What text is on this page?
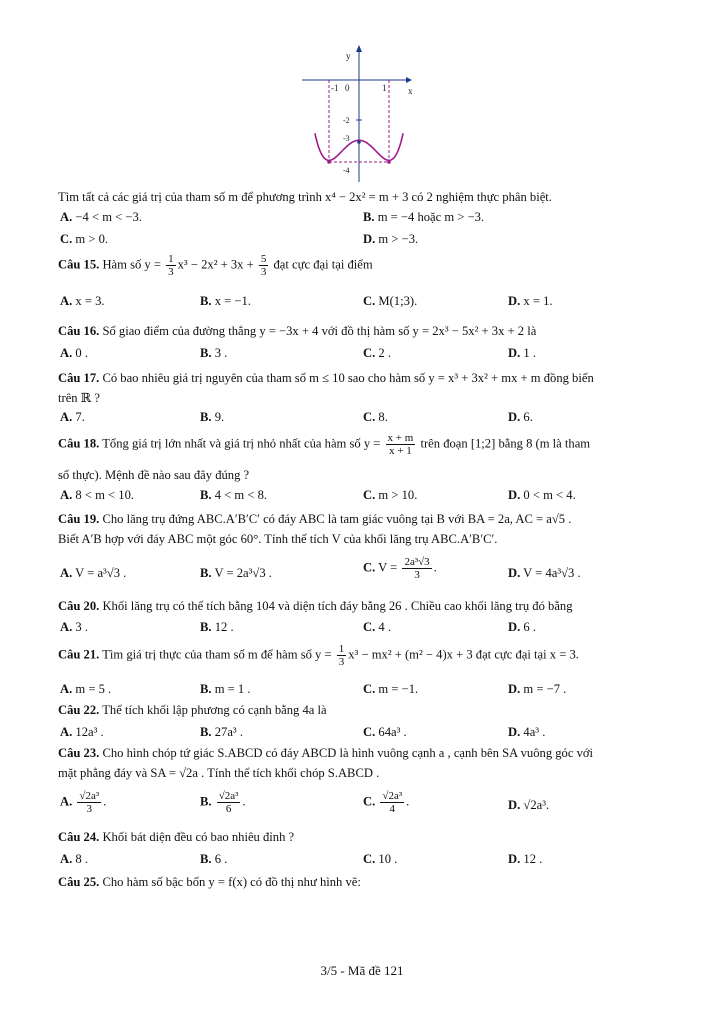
y
x
-1 0	1
-2
-3
-4
Tìm tất cả các giá trị của tham số m để phương trình x⁴ − 2x² = m + 3 có 2 nghiệm thực phân biệt.
A. −4 < m < −3.	B. m = −4 hoặc m > −3.
C. m > 0.	D. m > −3.
Câu 15. Hàm số $y = \frac{1}{3} x^3 - 2x^2 + 3x + \frac{5}{3}$ đạt cực đại tại điểm
A. x = 3.	B. x = −1.	C. M(1;3).	D. x = 1.
Câu 16. Số giao điểm của đường thẳng y = −3x + 4 với đồ thị hàm số y = 2x³ − 5x² + 3x + 2 là
A. 0 .	B. 3 .	C. 2 .	D. 1 .
Câu 17. Có bao nhiêu giá trị nguyên của tham số m ≤ 10 sao cho hàm số y = x³ + 3x² + mx + m đồng biến
trên ℝ ?
A. 7.	B. 9.	C. 8.	D. 6.
Câu 18. Tổng giá trị lớn nhất và giá trị nhỏ nhất của hàm số $y = \frac{x + m}{x + 1}$ trên đoạn [1;2] bằng 8 (m là tham
số thực). Mệnh đề nào sau đây đúng ?
A. 8 < m < 10.	B. 4 < m < 8.	C. m > 10.	D. 0 < m < 4.
Câu 19. Cho lăng trụ đứng ABC.A′B′C′ có đáy ABC là tam giác vuông tại B với BA = 2a, AC = a√5 .
Biết A′B hợp với đáy ABC một góc 60°. Tính thể tích V của khối lăng trụ ABC.A′B′C′.
A. V = a³√3 .	B. V = 2a³√3 .	C. $V = \frac{\text{2a³√3}}{3}$ .	D. V = 4a³√3 .
Câu 20. Khối lăng trụ có thể tích bằng 104 và diện tích đáy bằng 26 . Chiều cao khối lăng trụ đó bằng
A. 3 .	B. 12 .	C. 4 .	D. 6 .
Câu 21. Tìm giá trị thực của tham số m để hàm số $y = \frac{1}{3} x^3 - mx^2 + (m^2 - 4)x + 3$ đạt cực đại tại x = 3.
A. m = 5 .	B. m = 1 .	C. m = −1.	D. m = −7 .
Câu 22. Thể tích khối lập phương có cạnh bằng 4a là
A. 12a³ .	B. 27a³ .	C. 64a³ .	D. 4a³ .
Câu 23. Cho hình chóp tứ giác S.ABCD có đáy ABCD là hình vuông cạnh a , cạnh bên SA vuông góc với
mặt phẳng đáy và SA = √2a . Tính thể tích khối chóp S.ABCD .
A. $\frac{\text{√2a³}}{3}$ .	B. $\frac{\text{√2a³}}{6}$ .	C. $\frac{\text{√2a³}}{4}$ .	D. √2a³.
Câu 24. Khối bát diện đều có bao nhiêu đỉnh ?
A. 8 .	B. 6 .	C. 10 .	D. 12 .
Câu 25. Cho hàm số bậc bốn y = f(x) có đồ thị như hình vẽ:
3/5 - Mã đề 121
